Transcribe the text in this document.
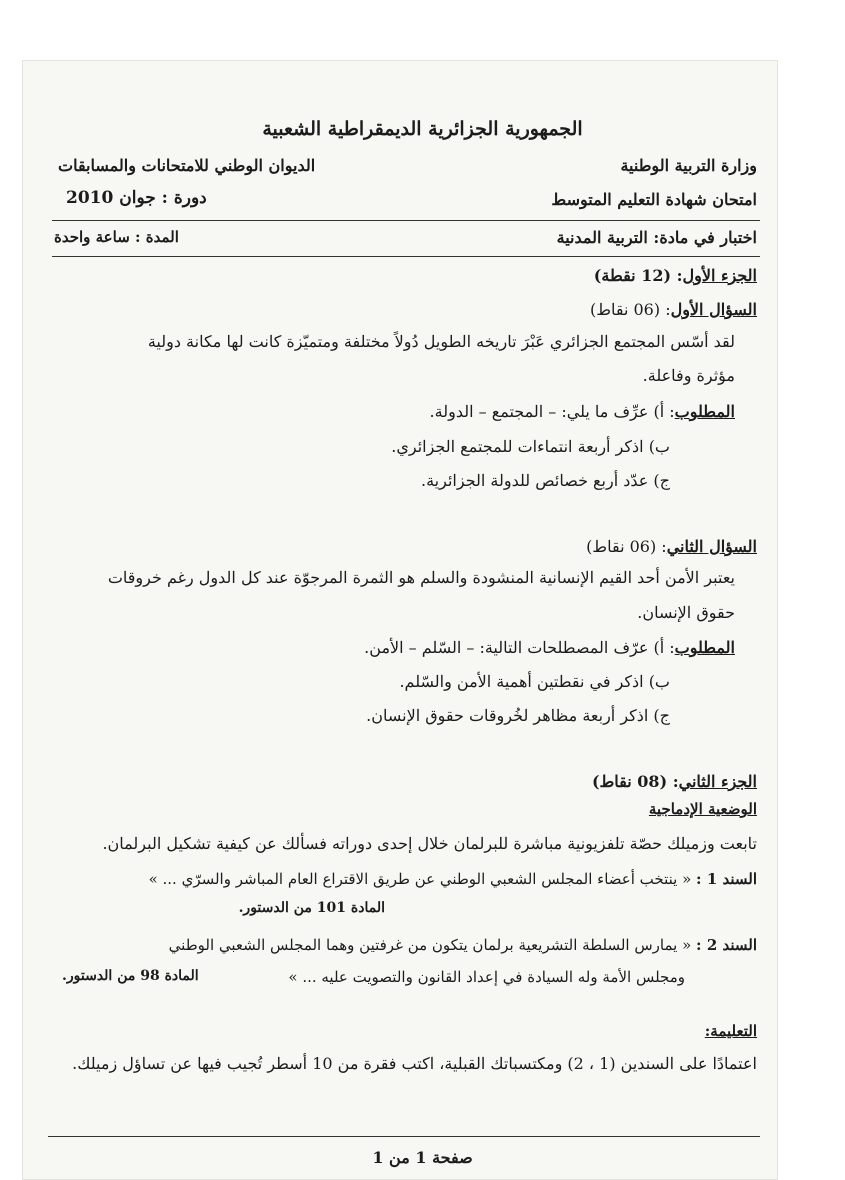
الجمهورية الجزائرية الديمقراطية الشعبية
وزارة التربية الوطنية
الديوان الوطني للامتحانات والمسابقات
امتحان شهادة التعليم المتوسط
دورة : جوان 2010
اختبار في مادة: التربية المدنية
المدة : ساعة واحدة
الجزء الأول: (12 نقطة)
السؤال الأول: (06 نقاط)
لقد أسّس المجتمع الجزائري عَبْرَ تاريخه الطويل دُولاً مختلفة ومتميّزة كانت لها مكانة دولية
مؤثرة وفاعلة.
المطلوب: أ) عرِّف ما يلي: – المجتمع – الدولة.
ب) اذكر أربعة انتماءات للمجتمع الجزائري.
ج) عدّد أربع خصائص للدولة الجزائرية.
السؤال الثاني: (06 نقاط)
يعتبر الأمن أحد القيم الإنسانية المنشودة والسلم هو الثمرة المرجوّة عند كل الدول رغم خروقات
حقوق الإنسان.
المطلوب: أ) عرّف المصطلحات التالية: – السّلم – الأمن.
ب) اذكر في نقطتين أهمية الأمن والسّلم.
ج) اذكر أربعة مظاهر لخُروقات حقوق الإنسان.
الجزء الثاني: (08 نقاط)
الوضعية الإدماجية
تابعت وزميلك حصّة تلفزيونية مباشرة للبرلمان خلال إحدى دوراته فسألك عن كيفية تشكيل البرلمان.
السند 1 : « ينتخب أعضاء المجلس الشعبي الوطني عن طريق الاقتراع العام المباشر والسرّي ... »
المادة 101 من الدستور.
السند 2 : « يمارس السلطة التشريعية برلمان يتكون من غرفتين وهما المجلس الشعبي الوطني
ومجلس الأمة وله السيادة في إعداد القانون والتصويت عليه ... »
المادة 98 من الدستور.
التعليمة:
اعتمادًا على السندين (1 ، 2) ومكتسباتك القبلية، اكتب فقرة من 10 أسطر تُجيب فيها عن تساؤل زميلك.
صفحة 1 من 1
